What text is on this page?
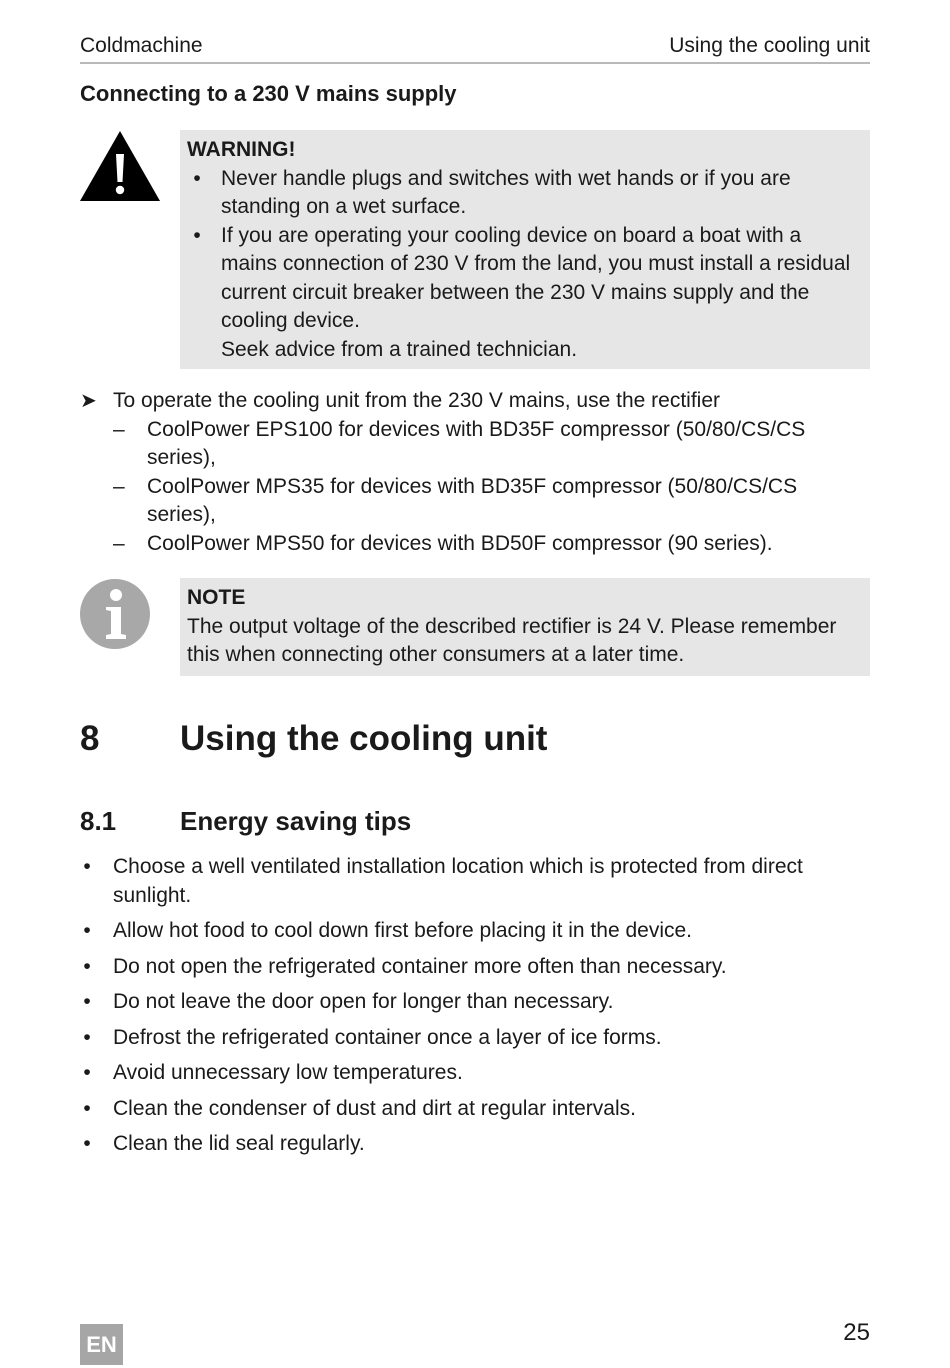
Coldmachine	Using the cooling unit
Connecting to a 230 V mains supply
WARNING!
• Never handle plugs and switches with wet hands or if you are standing on a wet surface.
• If you are operating your cooling device on board a boat with a mains connection of 230 V from the land, you must install a residual current circuit breaker between the 230 V mains supply and the cooling device.
Seek advice from a trained technician.
➤ To operate the cooling unit from the 230 V mains, use the rectifier
– CoolPower EPS100 for devices with BD35F compressor (50/80/CS/CS series),
– CoolPower MPS35 for devices with BD35F compressor (50/80/CS/CS series),
– CoolPower MPS50 for devices with BD50F compressor (90 series).
NOTE
The output voltage of the described rectifier is 24 V. Please remember this when connecting other consumers at a later time.
8 Using the cooling unit
8.1 Energy saving tips
• Choose a well ventilated installation location which is protected from direct sunlight.
• Allow hot food to cool down first before placing it in the device.
• Do not open the refrigerated container more often than necessary.
• Do not leave the door open for longer than necessary.
• Defrost the refrigerated container once a layer of ice forms.
• Avoid unnecessary low temperatures.
• Clean the condenser of dust and dirt at regular intervals.
• Clean the lid seal regularly.
EN	25
